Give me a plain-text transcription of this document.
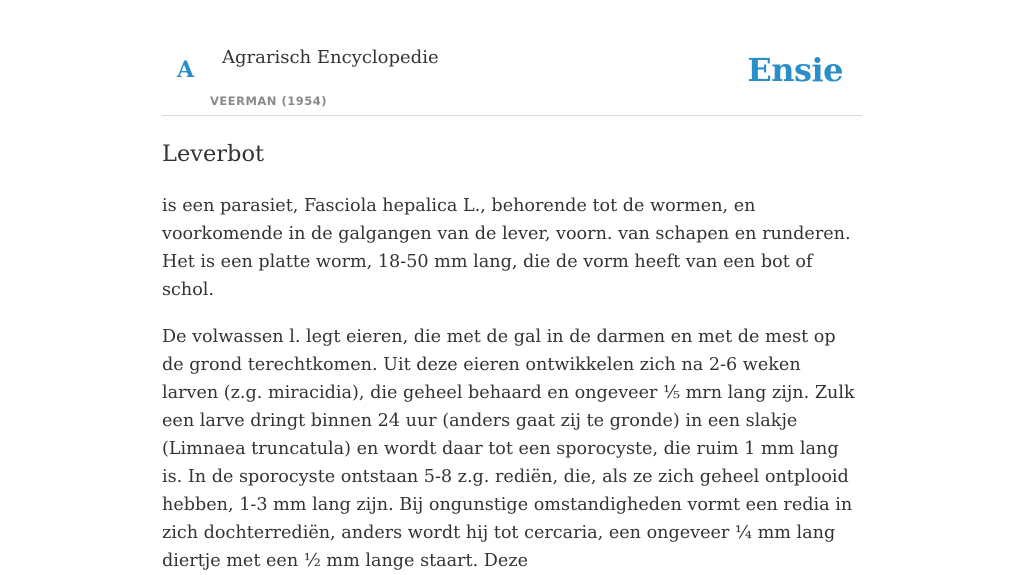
A Agrarisch Encyclopedie
VEERMAN (1954)
Ensie
Leverbot

is een parasiet, Fasciola hepalica L., behorende tot de wormen, en voorkomende in de galgangen van de lever, voorn. van schapen en runderen. Het is een platte worm, 18-50 mm lang, die de vorm heeft van een bot of schol.

De volwassen l. legt eieren, die met de gal in de darmen en met de mest op de grond terechtkomen. Uit deze eieren ontwikkelen zich na 2-6 weken larven (z.g. miracidia), die geheel behaard en ongeveer ⅕ mrn lang zijn. Zulk een larve dringt binnen 24 uur (anders gaat zij te gronde) in een slakje (Limnaea truncatula) en wordt daar tot een sporocyste, die ruim 1 mm lang is. In de sporocyste ontstaan 5-8 z.g. rediën, die, als ze zich geheel ontplooid hebben, 1-3 mm lang zijn. Bij ongunstige omstandigheden vormt een redia in zich dochterrediën, anders wordt hij tot cercaria, een ongeveer ¼ mm lang diertje met een ½ mm lange staart. Deze
